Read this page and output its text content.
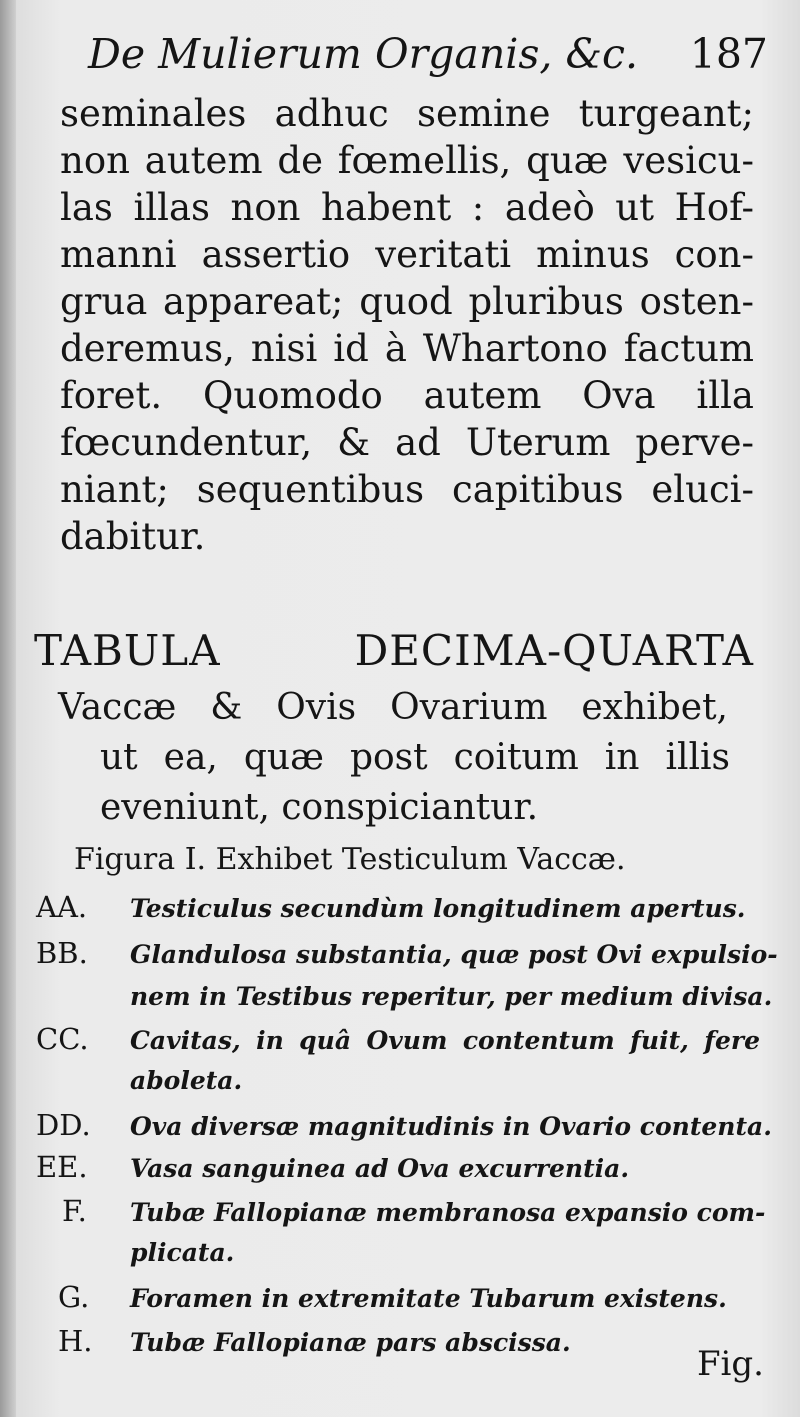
De Mulierum Organis, &c. 187
seminales adhuc semine turgeant;
non autem de fœmellis, quæ vesicu-
las illas non habent : adeò ut Hof-
manni assertio veritati minus con-
grua appareat; quod pluribus osten-
deremus, nisi id à Whartono factum
foret. Quomodo autem Ova illa
fœcundentur, & ad Uterum perve-
niant; sequentibus capitibus eluci-
dabitur.
TABULA DECIMA-QUARTA
Vaccæ & Ovis Ovarium exhibet,
ut ea, quæ post coitum in illis
eveniunt, conspiciantur.
Figura I. Exhibet Testiculum Vaccæ.
AA. Testiculus secundùm longitudinem apertus.
BB. Glandulosa substantia, quæ post Ovi expulsio-
nem in Testibus reperitur, per medium divisa.
CC. Cavitas, in quâ Ovum contentum fuit, fere
aboleta.
DD. Ova diversæ magnitudinis in Ovario contenta.
EE. Vasa sanguinea ad Ova excurrentia.
F. Tubæ Fallopianæ membranosa expansio com-
plicata.
G. Foramen in extremitate Tubarum existens.
H. Tubæ Fallopianæ pars abscissa.
Fig.
